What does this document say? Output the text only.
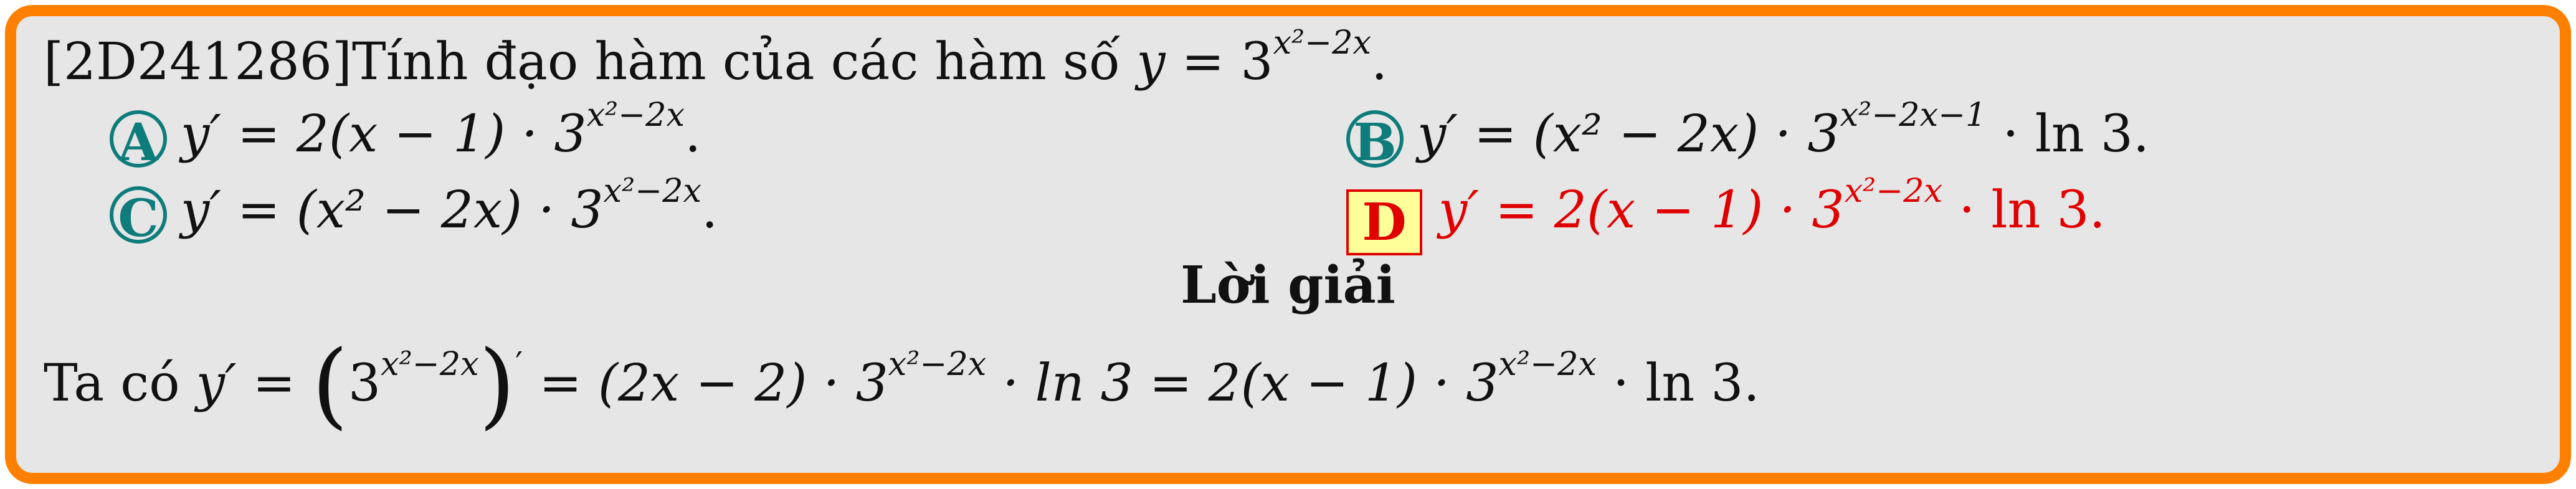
[2D241286]Tính đạo hàm của các hàm số $y = 3^{x^2-2x}$.
A $y' = 2(x - 1) \cdot 3^{x^2-2x}$.	B $y' = (x^2 - 2x) \cdot 3^{x^2-2x-1} \cdot \ln 3$.
C $y' = (x^2 - 2x) \cdot 3^{x^2-2x}$.	D $y' = 2(x - 1) \cdot 3^{x^2-2x} \cdot \ln 3$.
Lời giải
Ta có $y' = (3^{x^2-2x})' = (2x - 2) \cdot 3^{x^2-2x} \cdot \ln 3 = 2(x - 1) \cdot 3^{x^2-2x} \cdot \ln 3$.
